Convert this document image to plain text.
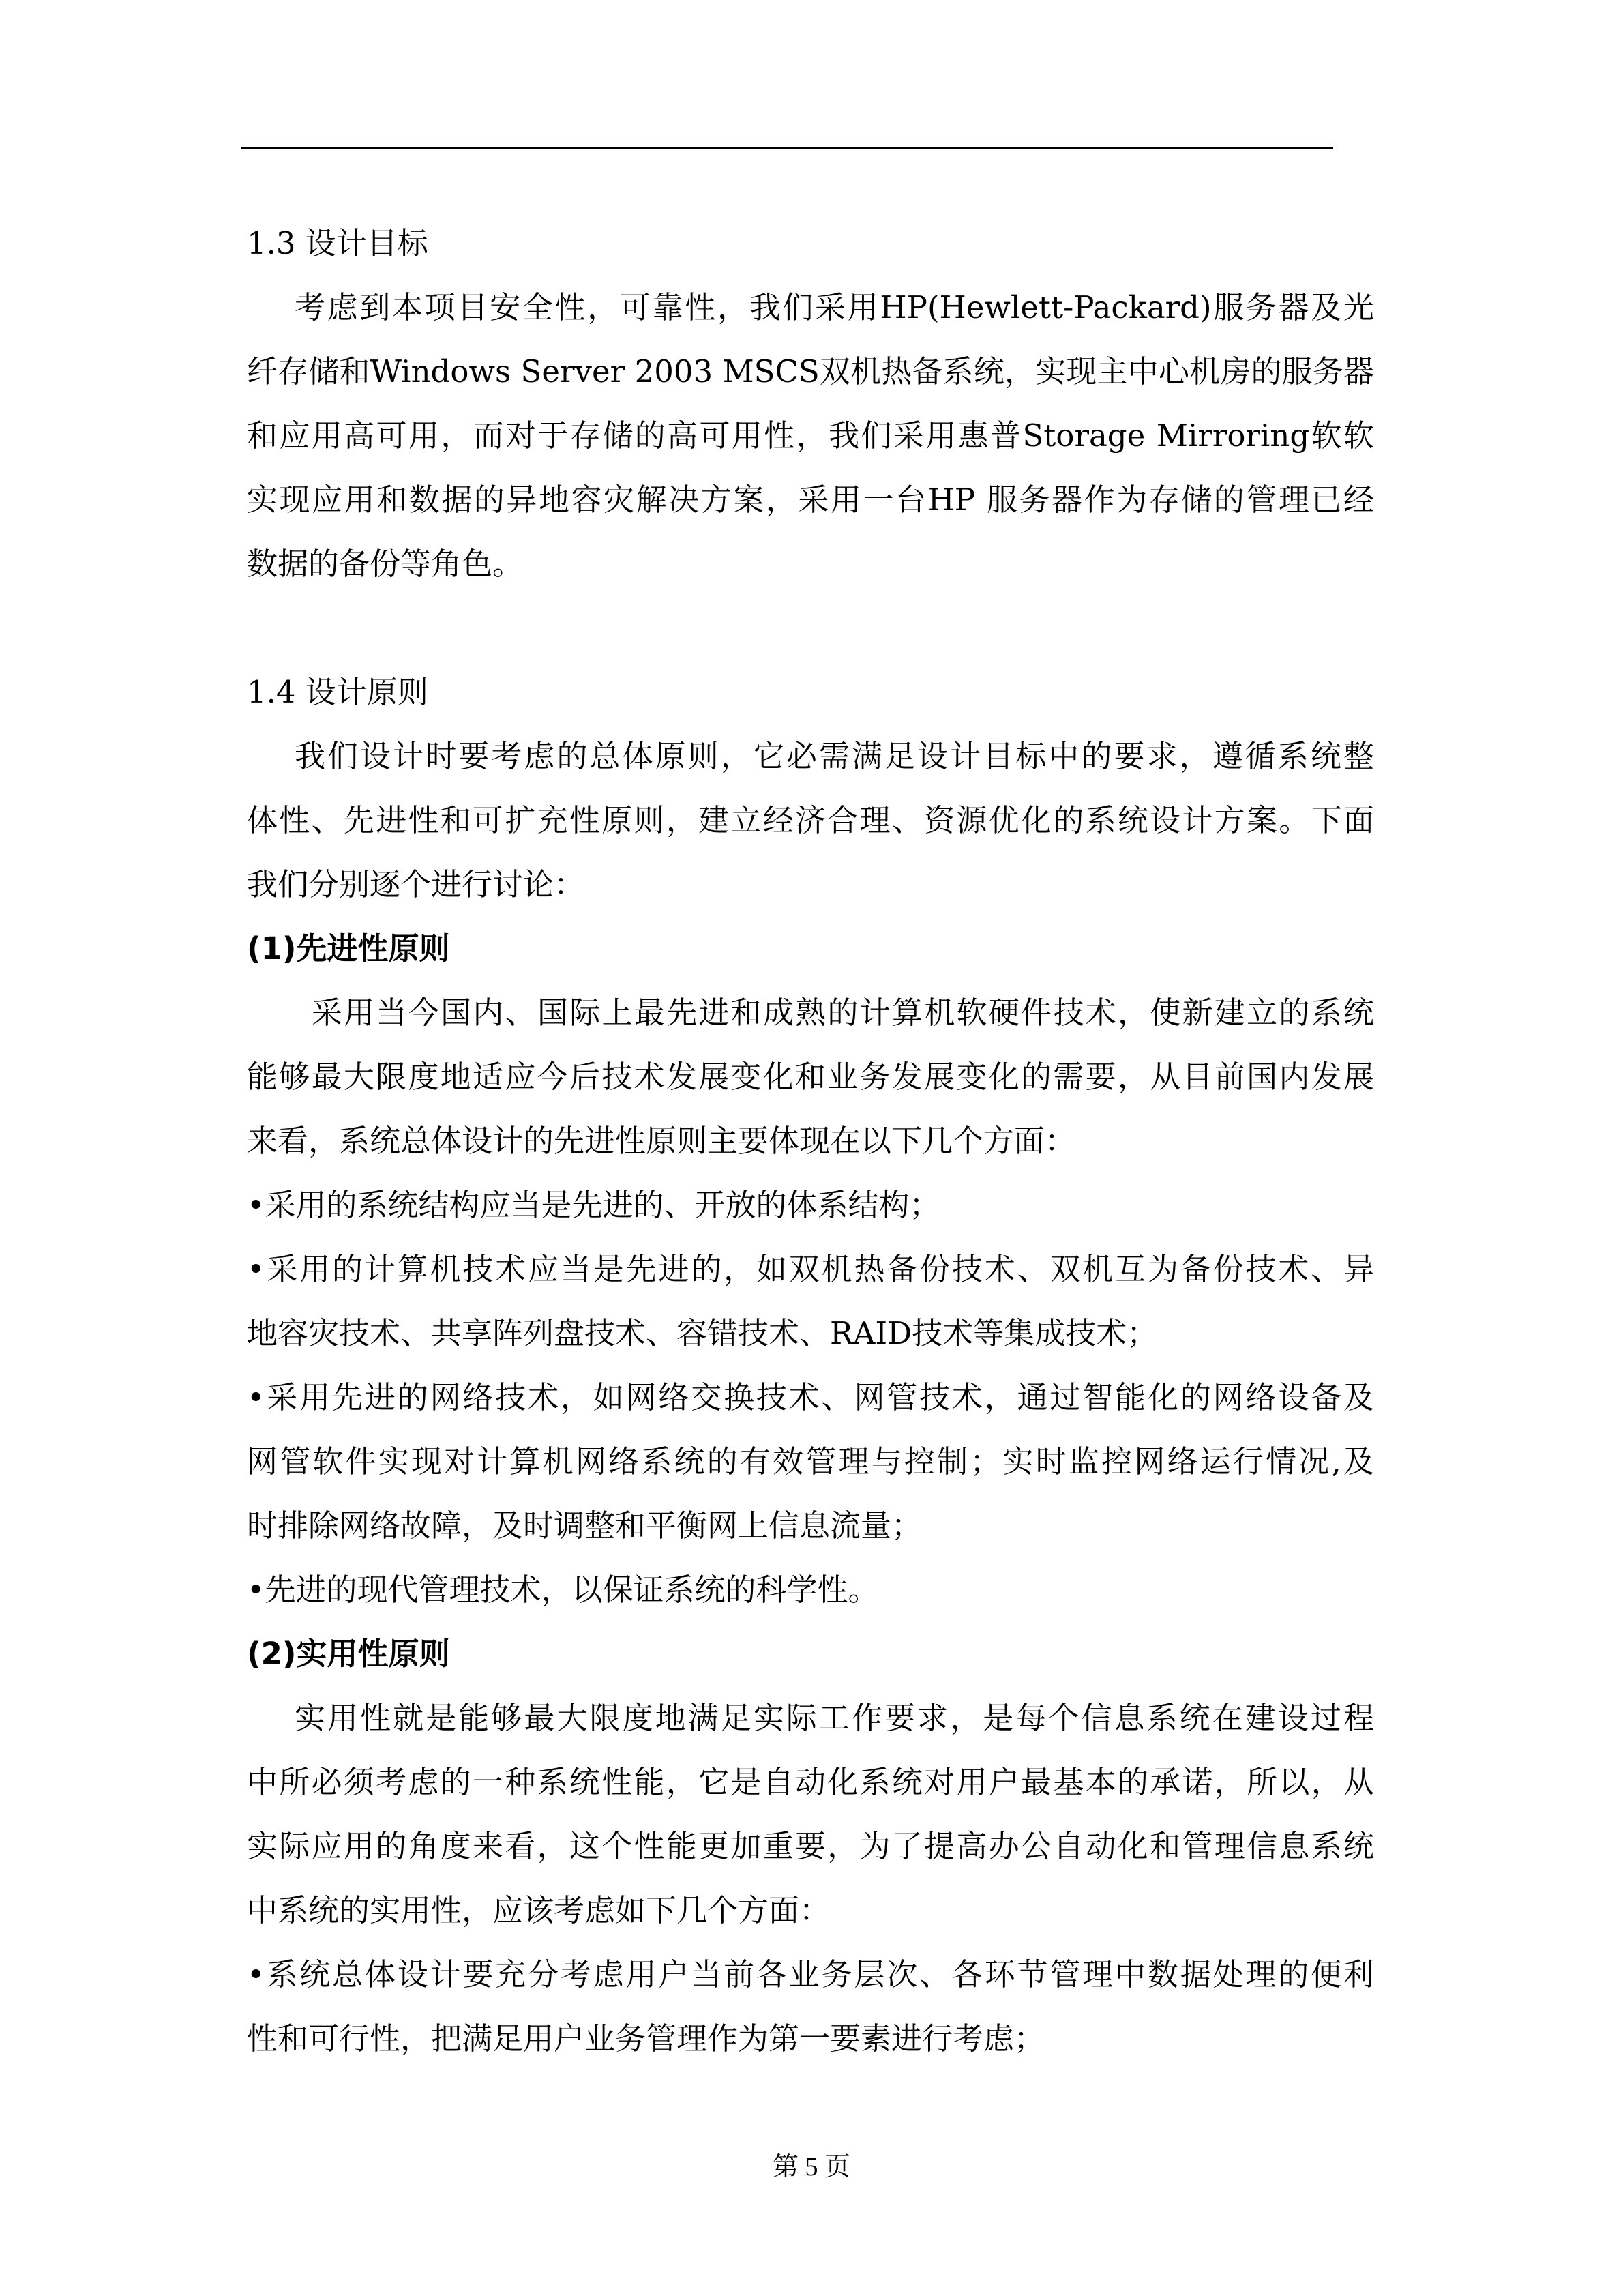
1.3 设计目标
考虑到本项目安全性，可靠性，我们采用HP(Hewlett-Packard)服务器及光
纤存储和Windows Server 2003 MSCS双机热备系统，实现主中心机房的服务器
和应用高可用，而对于存储的高可用性，我们采用惠普Storage Mirroring软软
实现应用和数据的异地容灾解决方案，采用一台HP 服务器作为存储的管理已经
数据的备份等角色。
1.4 设计原则
我们设计时要考虑的总体原则，它必需满足设计目标中的要求，遵循系统整
体性、先进性和可扩充性原则，建立经济合理、资源优化的系统设计方案。下面
我们分别逐个进行讨论：
(1)先进性原则
采用当今国内、国际上最先进和成熟的计算机软硬件技术，使新建立的系统
能够最大限度地适应今后技术发展变化和业务发展变化的需要，从目前国内发展
来看，系统总体设计的先进性原则主要体现在以下几个方面：
•采用的系统结构应当是先进的、开放的体系结构；
•采用的计算机技术应当是先进的，如双机热备份技术、双机互为备份技术、异
地容灾技术、共享阵列盘技术、容错技术、RAID技术等集成技术；
•采用先进的网络技术，如网络交换技术、网管技术，通过智能化的网络设备及
网管软件实现对计算机网络系统的有效管理与控制；实时监控网络运行情况,及
时排除网络故障，及时调整和平衡网上信息流量；
•先进的现代管理技术，以保证系统的科学性。
(2)实用性原则
实用性就是能够最大限度地满足实际工作要求，是每个信息系统在建设过程
中所必须考虑的一种系统性能，它是自动化系统对用户最基本的承诺，所以，从
实际应用的角度来看，这个性能更加重要，为了提高办公自动化和管理信息系统
中系统的实用性，应该考虑如下几个方面：
•系统总体设计要充分考虑用户当前各业务层次、各环节管理中数据处理的便利
性和可行性，把满足用户业务管理作为第一要素进行考虑；
第 5 页
